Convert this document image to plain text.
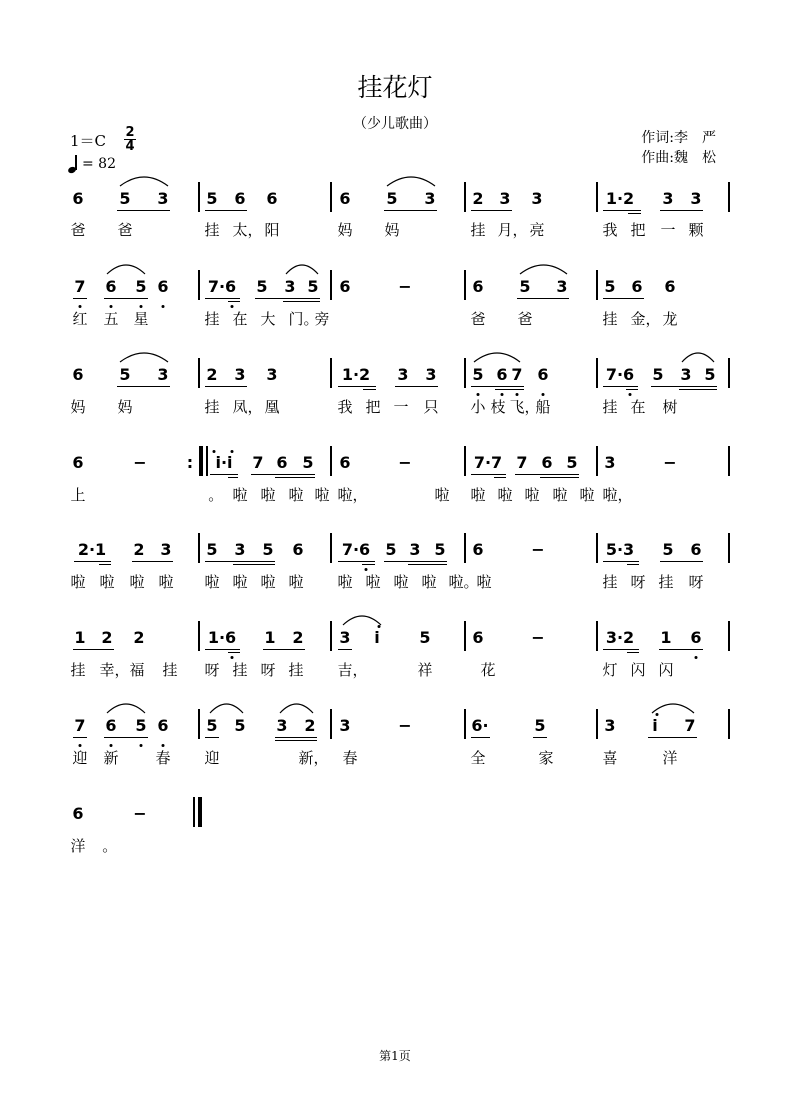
挂花灯
（少儿歌曲）
作词:李　严
作曲:魏　松
1＝C 2
4
= 82
6 5 3 5 6 6	6 5 3 2 3 3	1·2 3 3
7 6 5 6 7·6 5 3 5 6	−	6 5 3 5 6 6
6 5 3 2 3 3	1·2 3 3 5 6 7 6	7·6 5 3 5
6	−	: i·i 7 6 5 6	−	7·7 7 6 5 3	−
2·1 2 3 5 3 5 6 7·6 5 3 5 6	−	5·3 5 6
1 2 2	1·6 1 2 3 i 5	6	−	3·2 1 6
7 6 5 6 5 5 3 2 3	−	6·	5	3 i 7
6	−
爸 爸	挂 太， 阳	妈 妈	挂 月， 亮	我 把 一 颗
红 五 星	挂 在 大 门。
旁	爸 爸	挂 金， 龙
妈 妈	挂 凤， 凰	我 把 一 只 小 飞，
船	挂 在 树
枝
上	。 啦 啦 啦 啦 啦，	啦 啦 啦 啦 啦 啦，
啦
啦 啦 啦 啦 啦 啦 啦 啦 啦 啦 啦 啦 啦。
啦	挂 呀 挂 呀
挂 幸， 福 挂 呀 挂 呀 挂 吉，	祥	花	灯 闪 闪
迎 新 春 迎	新， 春	全	家	喜	洋
洋 。
第1页
